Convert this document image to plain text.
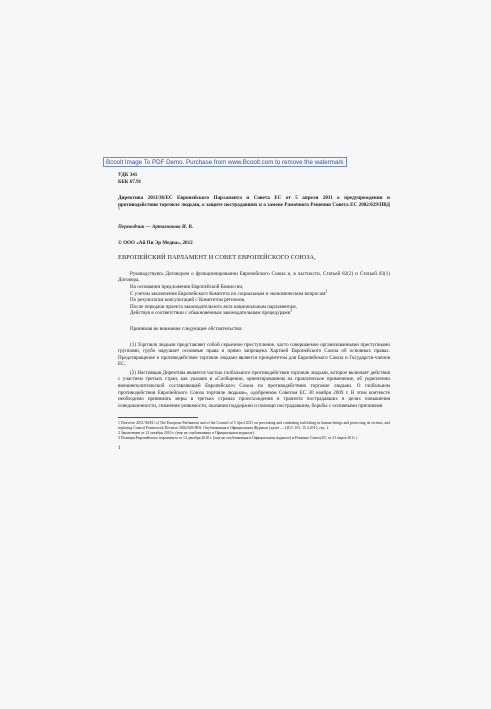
Bcoolt Image To PDF Demo. Purchase from www.Bcoolt.com to remove the watermark

УДК 341

ББК 67.91

Директива 2011/36/ЕС Европейского Парламента и Совета ЕС от 5 апреля 2011 о предупреждении и противодействии торговле людьми, о защите пострадавших и о замене Рамочного Решения Совета ЕС 2002/629/ПВД $^1$

Переводчик — Артамонова И. В.

© ООО «Ай Пи Эр Медиа», 2012

ЕВРОПЕЙСКИЙ ПАРЛАМЕНТ И СОВЕТ ЕВРОПЕЙСКОГО СОЮЗА,

Руководствуясь Договором о функционировании Европейского Союза и, в частности, Статьей 82(2) и Статьей 83(1) Договора,

На основании предложения Европейской Комиссии,

С учетом заключения Европейского Комитета по социальным и экономическим вопросам$^2$

По результатам консультаций с Комитетом регионов,

После передачи проекта законодательного акта национальным парламентам,

Действуя в соответствии с обыкновенным законодательным процедурами$^3$

Принимая во внимание следующие обстоятельства:

(1) Торговля людьми представляет собой серьезное преступление, часто совершаемое организованными преступными группами, грубо нарушает основные права и прямо запрещена Хартией Европейского Союза об основных правах. Предотвращение и противодействие торговле людьми является приоритетом для Европейского Союза и Государств-членов ЕС.

(2) Настоящая Директива является частью глобального противодействия торговле людьми, которое включает действия с участием третьих стран, как указано в «Сообщении, ориентированном на практическое применение, об укреплении внешнеполитической составляющей Европейского Союза по противодействию торговле людьми. О глобальном противодействии Европейского Союза торговле людьми», одобренном Советом ЕС 30 ноября 2009 г. В этом контексте необходимо принимать меры в третьих странах происхождения и транзита пострадавших в целях повышения осведомленности, снижения уязвимости, оказания поддержки и помощи пострадавшим, борьбы с основными причинами

1 Directive 2011/36/EU of The European Parliament and of the Council of 5 April 2011 on preventing and combating trafficking in human beings and protecting its victims, and replacing Council Framework Decision 2002/629/JHA. Опубликована в Официальном Журнале (далее — OJ) L 101, 15.4.2011, стр. 1.

2 Заключение от 21 октября 2010 г. (еще не опубликовано в Официальном журнале).

3 Позиция Европейского парламента от 14 декабря 2010 г. (еще не опубликована в Официальном журнале) и Решение Совета ЕС от 21 марта 2011 г.

1
